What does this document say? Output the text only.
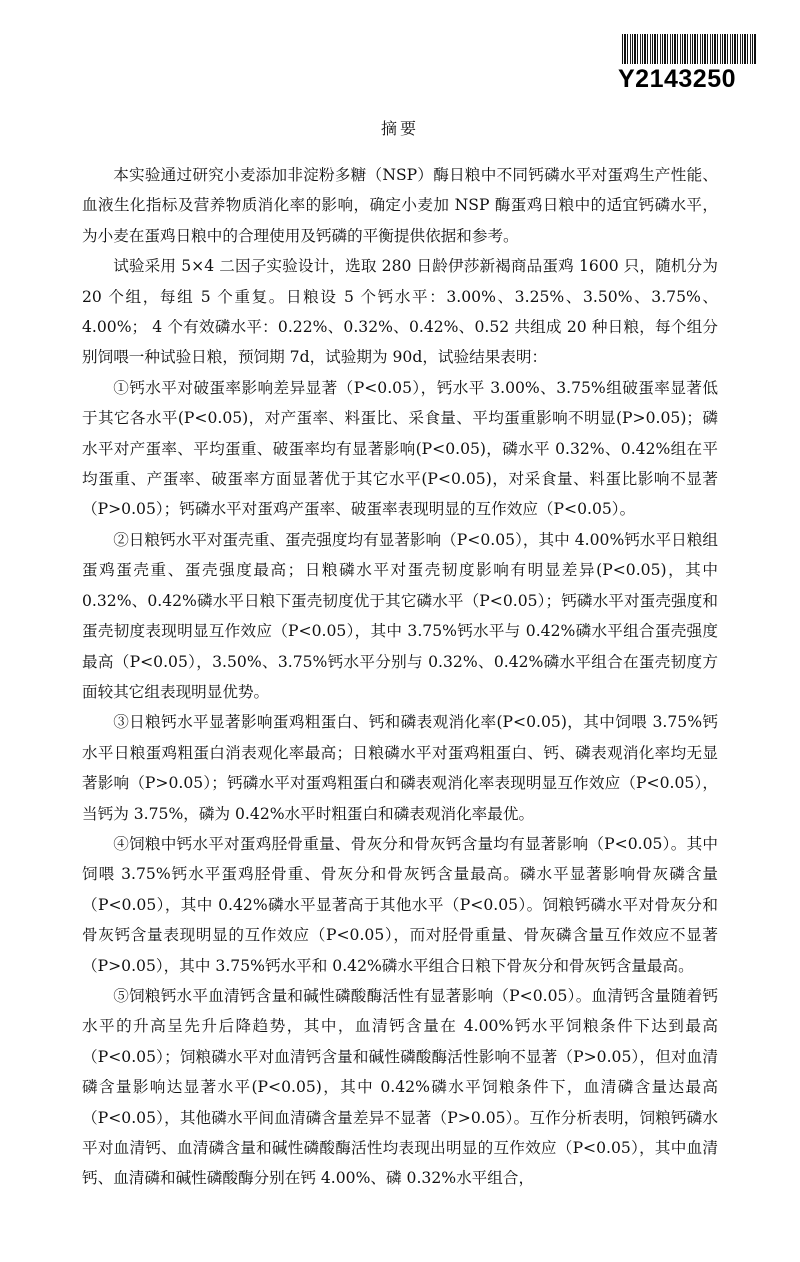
Y2143250
摘要

本实验通过研究小麦添加非淀粉多糖（NSP）酶日粮中不同钙磷水平对蛋鸡生产性能、血液生化指标及营养物质消化率的影响，确定小麦加 NSP 酶蛋鸡日粮中的适宜钙磷水平，为小麦在蛋鸡日粮中的合理使用及钙磷的平衡提供依据和参考。

试验采用 5×4 二因子实验设计，选取 280 日龄伊莎新褐商品蛋鸡 1600 只，随机分为 20 个组，每组 5 个重复。日粮设 5 个钙水平：3.00%、3.25%、3.50%、3.75%、4.00%； 4 个有效磷水平：0.22%、0.32%、0.42%、0.52 共组成 20 种日粮，每个组分别饲喂一种试验日粮，预饲期 7d，试验期为 90d，试验结果表明：

①钙水平对破蛋率影响差异显著（P<0.05），钙水平 3.00%、3.75%组破蛋率显著低于其它各水平(P<0.05)，对产蛋率、料蛋比、采食量、平均蛋重影响不明显(P>0.05)；磷水平对产蛋率、平均蛋重、破蛋率均有显著影响(P<0.05)，磷水平 0.32%、0.42%组在平均蛋重、产蛋率、破蛋率方面显著优于其它水平(P<0.05)，对采食量、料蛋比影响不显著（P>0.05）；钙磷水平对蛋鸡产蛋率、破蛋率表现明显的互作效应（P<0.05）。

②日粮钙水平对蛋壳重、蛋壳强度均有显著影响（P<0.05），其中 4.00%钙水平日粮组蛋鸡蛋壳重、蛋壳强度最高；日粮磷水平对蛋壳韧度影响有明显差异(P<0.05)，其中 0.32%、0.42%磷水平日粮下蛋壳韧度优于其它磷水平（P<0.05）；钙磷水平对蛋壳强度和蛋壳韧度表现明显互作效应（P<0.05），其中 3.75%钙水平与 0.42%磷水平组合蛋壳强度最高（P<0.05），3.50%、3.75%钙水平分别与 0.32%、0.42%磷水平组合在蛋壳韧度方面较其它组表现明显优势。

③日粮钙水平显著影响蛋鸡粗蛋白、钙和磷表观消化率(P<0.05)，其中饲喂 3.75%钙水平日粮蛋鸡粗蛋白消表观化率最高；日粮磷水平对蛋鸡粗蛋白、钙、磷表观消化率均无显著影响（P>0.05）；钙磷水平对蛋鸡粗蛋白和磷表观消化率表现明显互作效应（P<0.05），当钙为 3.75%，磷为 0.42%水平时粗蛋白和磷表观消化率最优。

④饲粮中钙水平对蛋鸡胫骨重量、骨灰分和骨灰钙含量均有显著影响（P<0.05）。其中饲喂 3.75%钙水平蛋鸡胫骨重、骨灰分和骨灰钙含量最高。磷水平显著影响骨灰磷含量（P<0.05），其中 0.42%磷水平显著高于其他水平（P<0.05）。饲粮钙磷水平对骨灰分和骨灰钙含量表现明显的互作效应（P<0.05），而对胫骨重量、骨灰磷含量互作效应不显著（P>0.05），其中 3.75%钙水平和 0.42%磷水平组合日粮下骨灰分和骨灰钙含量最高。

⑤饲粮钙水平血清钙含量和碱性磷酸酶活性有显著影响（P<0.05）。血清钙含量随着钙水平的升高呈先升后降趋势，其中，血清钙含量在 4.00%钙水平饲粮条件下达到最高（P<0.05）；饲粮磷水平对血清钙含量和碱性磷酸酶活性影响不显著（P>0.05），但对血清磷含量影响达显著水平(P<0.05)，其中 0.42%磷水平饲粮条件下，血清磷含量达最高（P<0.05），其他磷水平间血清磷含量差异不显著（P>0.05）。互作分析表明，饲粮钙磷水平对血清钙、血清磷含量和碱性磷酸酶活性均表现出明显的互作效应（P<0.05），其中血清钙、血清磷和碱性磷酸酶分别在钙 4.00%、磷 0.32%水平组合，
